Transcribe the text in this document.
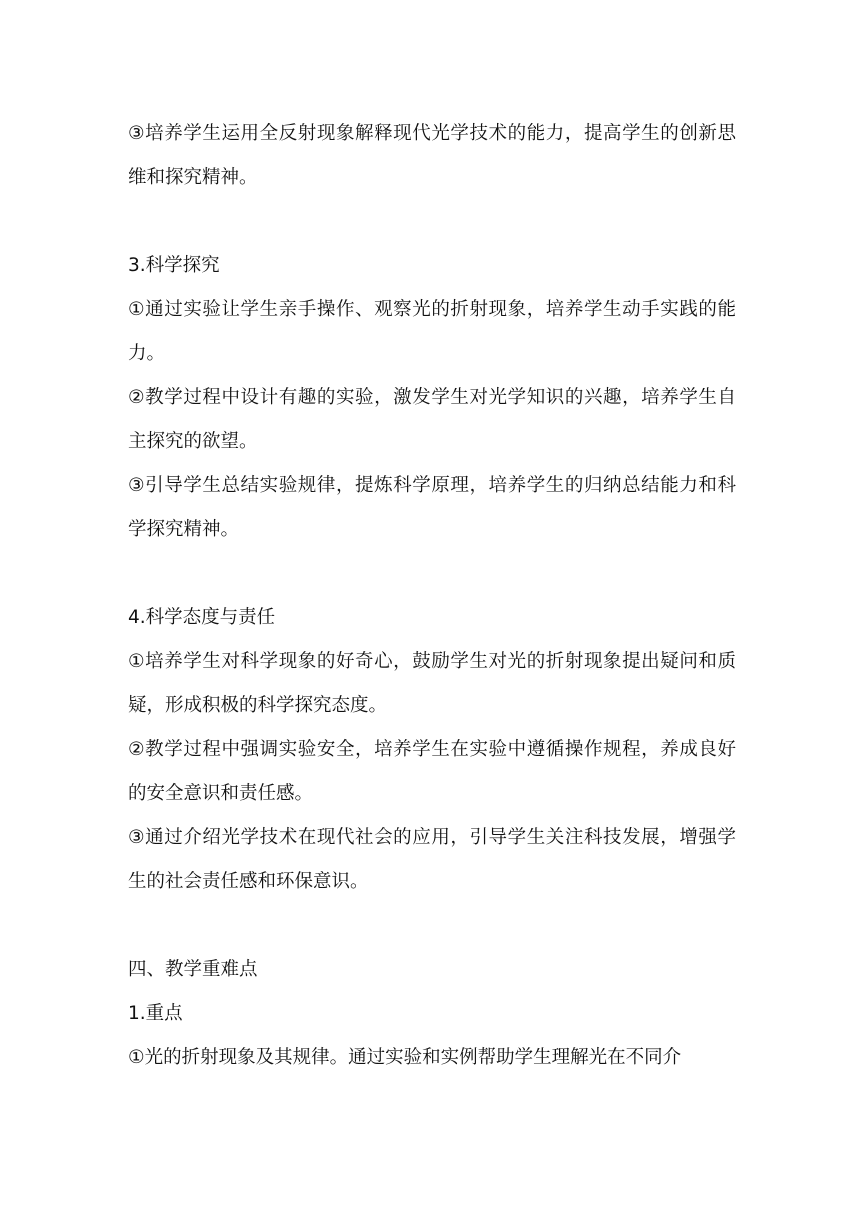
③培养学生运用全反射现象解释现代光学技术的能力，提高学生的创新思维和探究精神。

3.科学探究

①通过实验让学生亲手操作、观察光的折射现象，培养学生动手实践的能力。

②教学过程中设计有趣的实验，激发学生对光学知识的兴趣，培养学生自主探究的欲望。

③引导学生总结实验规律，提炼科学原理，培养学生的归纳总结能力和科学探究精神。

4.科学态度与责任

①培养学生对科学现象的好奇心，鼓励学生对光的折射现象提出疑问和质疑，形成积极的科学探究态度。

②教学过程中强调实验安全，培养学生在实验中遵循操作规程，养成良好的安全意识和责任感。

③通过介绍光学技术在现代社会的应用，引导学生关注科技发展，增强学生的社会责任感和环保意识。

四、教学重难点

1.重点

①光的折射现象及其规律。通过实验和实例帮助学生理解光在不同介
